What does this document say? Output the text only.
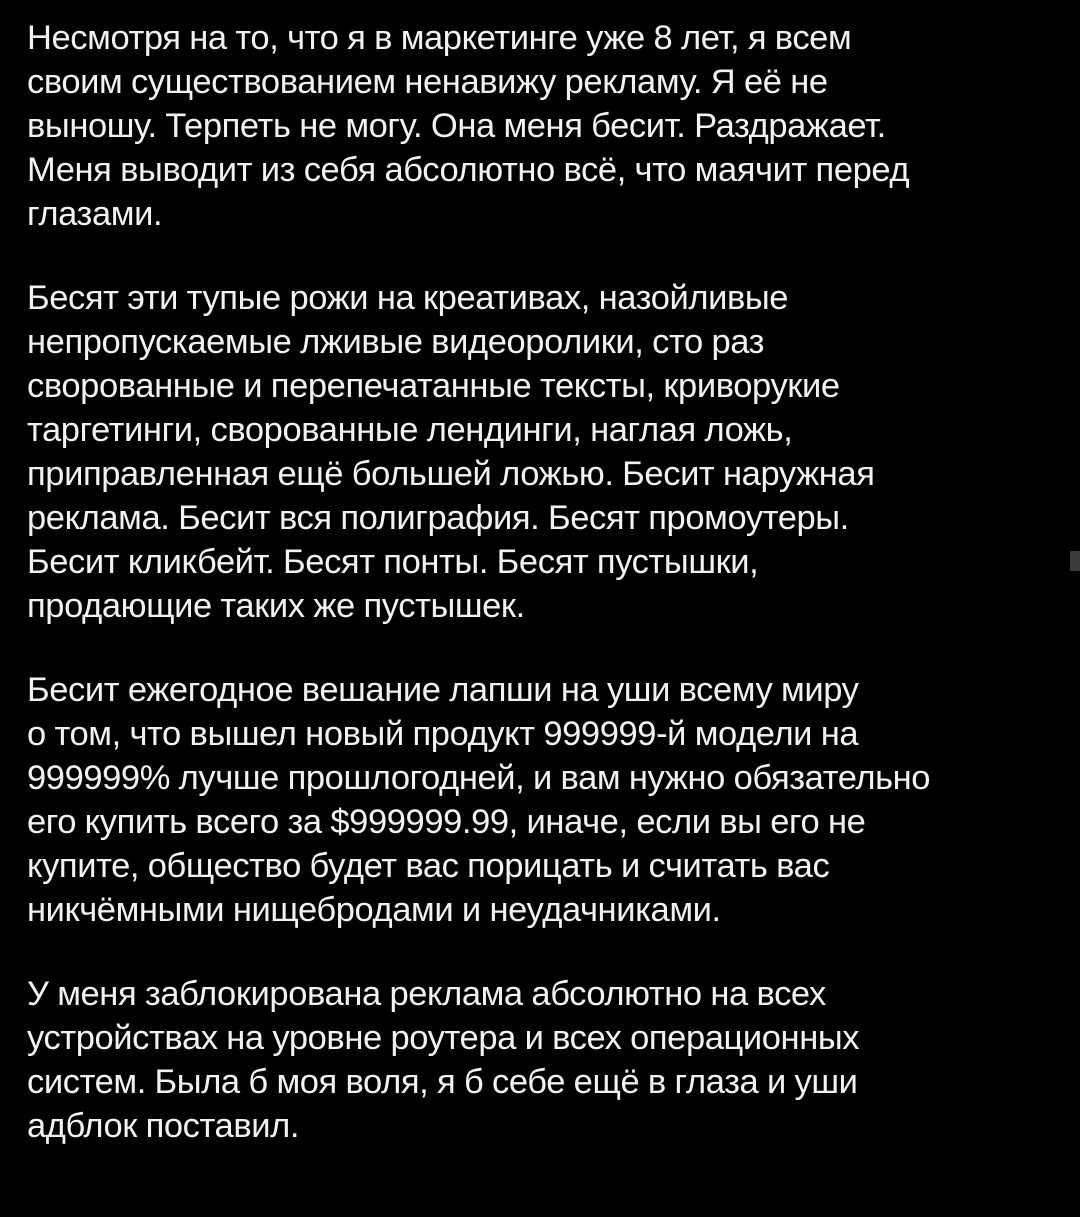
Несмотря на то, что я в маркетинге уже 8 лет, я всем
своим существованием ненавижу рекламу. Я её не
выношу. Терпеть не могу. Она меня бесит. Раздражает.
Меня выводит из себя абсолютно всё, что маячит перед
глазами.

Бесят эти тупые рожи на креативах, назойливые
непропускаемые лживые видеоролики, сто раз
сворованные и перепечатанные тексты, криворукие
таргетинги, сворованные лендинги, наглая ложь,
приправленная ещё большей ложью. Бесит наружная
реклама. Бесит вся полиграфия. Бесят промоутеры.
Бесит кликбейт. Бесят понты. Бесят пустышки,
продающие таких же пустышек.

Бесит ежегодное вешание лапши на уши всему миру
о том, что вышел новый продукт 999999-й модели на
999999% лучше прошлогодней, и вам нужно обязательно
его купить всего за $999999.99, иначе, если вы его не
купите, общество будет вас порицать и считать вас
никчёмными нищебродами и неудачниками.

У меня заблокирована реклама абсолютно на всех
устройствах на уровне роутера и всех операционных
систем. Была б моя воля, я б себе ещё в глаза и уши
адблок поставил.
